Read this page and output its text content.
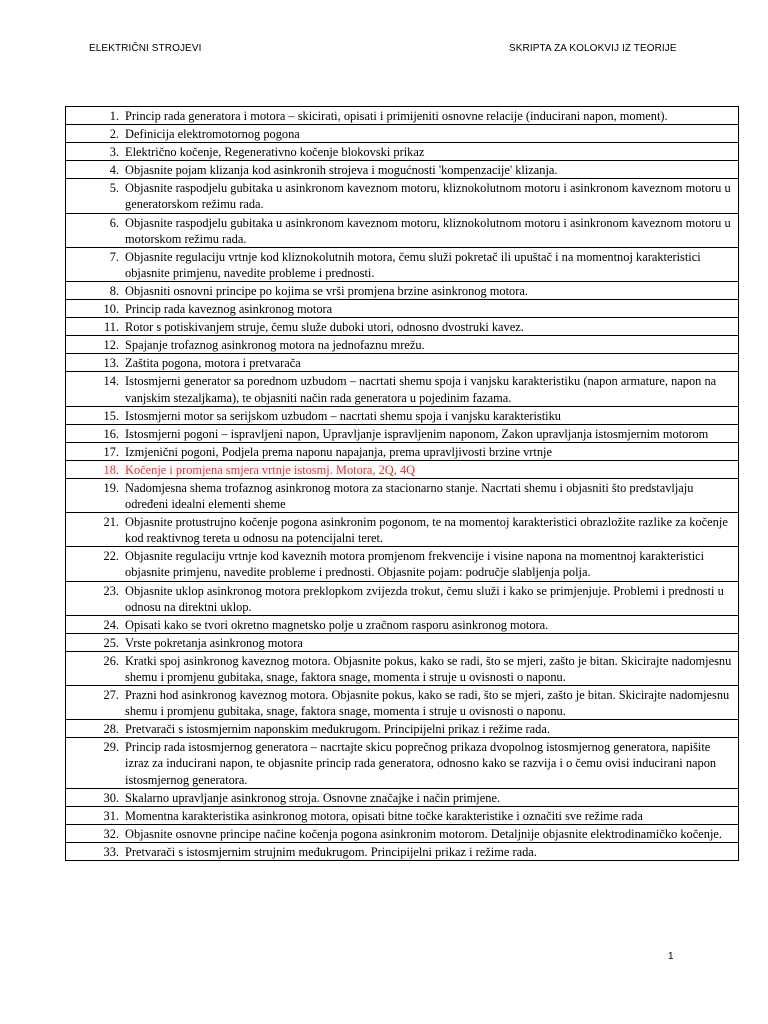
ELEKTRIČNI STROJEVI	SKRIPTA ZA KOLOKVIJ IZ TEORIJE
1. Princip rada generatora i motora – skicirati, opisati i primijeniti osnovne relacije (inducirani napon, moment).

2. Definicija elektromotornog pogona

3. Električno kočenje, Regenerativno kočenje blokovski prikaz

4. Objasnite pojam klizanja kod asinkronih strojeva i mogućnosti 'kompenzacije' klizanja.

5. Objasnite raspodjelu gubitaka u asinkronom kaveznom motoru, kliznokolutnom motoru i asinkronom kaveznom motoru u generatorskom režimu rada.

6. Objasnite raspodjelu gubitaka u asinkronom kaveznom motoru, kliznokolutnom motoru i asinkronom kaveznom motoru u motorskom režimu rada.

7. Objasnite regulaciju vrtnje kod kliznokolutnih motora, čemu služi pokretač ili upuštač i na momentnoj karakteristici objasnite primjenu, navedite probleme i prednosti.

8. Objasniti osnovni principe po kojima se vrši promjena brzine asinkronog motora.

10. Princip rada kaveznog asinkronog motora

11. Rotor s potiskivanjem struje, čemu služe duboki utori, odnosno dvostruki kavez.

12. Spajanje trofaznog asinkronog motora na jednofaznu mrežu.

13. Zaštita pogona, motora i pretvarača

14. Istosmjerni generator sa porednom uzbudom – nacrtati shemu spoja i vanjsku karakteristiku (napon armature, napon na vanjskim stezaljkama), te objasniti način rada generatora u pojedinim fazama.

15. Istosmjerni motor sa serijskom uzbudom – nacrtati shemu spoja i vanjsku karakteristiku

16. Istosmjerni pogoni – ispravljeni napon, Upravljanje ispravljenim naponom, Zakon upravljanja istosmjernim motorom

17. Izmjenični pogoni, Podjela prema naponu napajanja, prema upravljivosti brzine vrtnje

18. Kočenje i promjena smjera vrtnje istosmj. Motora, 2Q, 4Q

19. Nadomjesna shema trofaznog asinkronog motora za stacionarno stanje. Nacrtati shemu i objasniti što predstavljaju određeni idealni elementi sheme

21. Objasnite protustrujno kočenje pogona asinkronim pogonom, te na momentoj karakteristici obrazložite razlike za kočenje kod reaktivnog tereta u odnosu na potencijalni teret.

22. Objasnite regulaciju vrtnje kod kaveznih motora promjenom frekvencije i visine napona na momentnoj karakteristici objasnite primjenu, navedite probleme i prednosti. Objasnite pojam: područje slabljenja polja.

23. Objasnite uklop asinkronog motora preklopkom zvijezda trokut, čemu služi i kako se primjenjuje. Problemi i prednosti u odnosu na direktni uklop.

24. Opisati kako se tvori okretno magnetsko polje u zračnom rasporu asinkronog motora.

25. Vrste pokretanja asinkronog motora

26. Kratki spoj asinkronog kaveznog motora. Objasnite pokus, kako se radi, što se mjeri, zašto je bitan. Skicirajte nadomjesnu shemu i promjenu gubitaka, snage, faktora snage, momenta i struje u ovisnosti o naponu.

27. Prazni hod asinkronog kaveznog motora. Objasnite pokus, kako se radi, što se mjeri, zašto je bitan. Skicirajte nadomjesnu shemu i promjenu gubitaka, snage, faktora snage, momenta i struje u ovisnosti o naponu.

28. Pretvarači s istosmjernim naponskim međukrugom. Principijelni prikaz i režime rada.

29. Princip rada istosmjernog generatora – nacrtajte skicu poprečnog prikaza dvopolnog istosmjernog generatora, napišite izraz za inducirani napon, te objasnite princip rada generatora, odnosno kako se razvija i o čemu ovisi inducirani napon istosmjernog generatora.

30. Skalarno upravljanje asinkronog stroja. Osnovne značajke i način primjene.

31. Momentna karakteristika asinkronog motora, opisati bitne točke karakteristike i označiti sve režime rada

32. Objasnite osnovne principe načine kočenja pogona asinkronim motorom. Detaljnije objasnite elektrodinamičko kočenje.

33. Pretvarači s istosmjernim strujnim međukrugom. Principijelni prikaz i režime rada.
1
